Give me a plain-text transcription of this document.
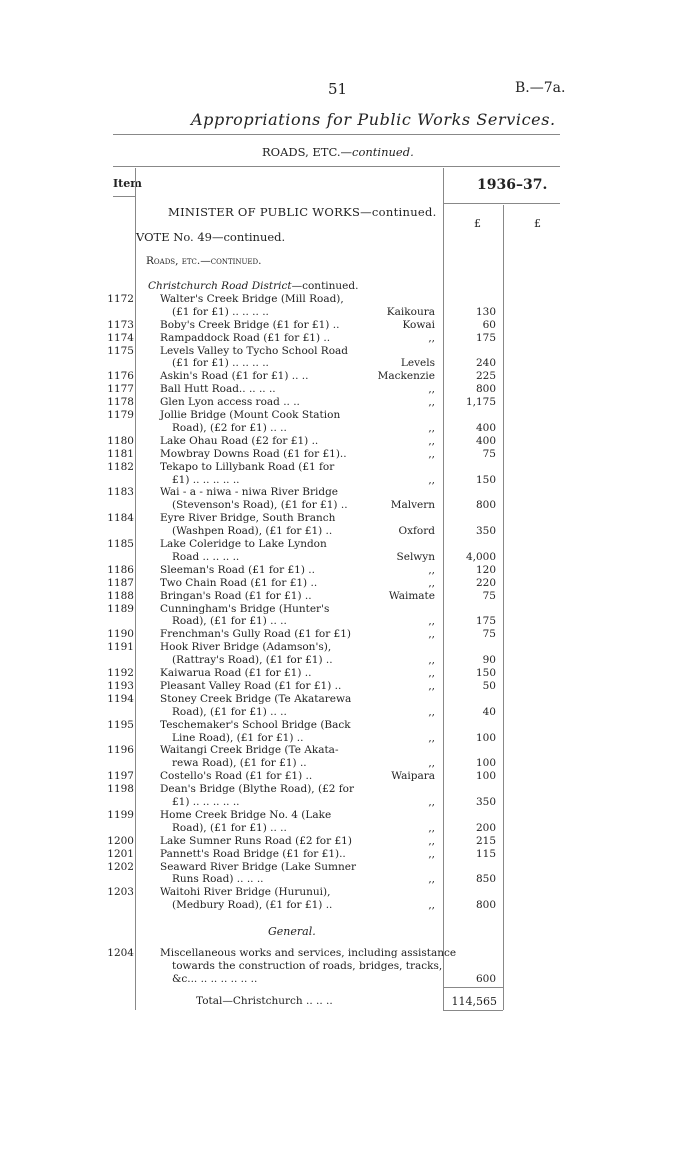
51	B.—7a.
Appropriations for Public Works Services.
ROADS, ETC.—continued.
Item	1936–37.
£	£
MINISTER OF PUBLIC WORKS—continued.
VOTE No. 49—continued.
Roads, etc.—continued.
Christchurch Road District—continued.
1172 Walter's Creek Bridge (Mill Road),
(£1 for £1) .. .. .. ..	Kaikoura	130
1173 Boby's Creek Bridge (£1 for £1) ..	Kowai	60
1174 Rampaddock Road (£1 for £1) ..	,,	175
1175 Levels Valley to Tycho School Road
(£1 for £1) .. .. .. ..	Levels	240
1176 Askin's Road (£1 for £1) .. ..	Mackenzie	225
1177 Ball Hutt Road.. .. .. ..	,,	800
1178 Glen Lyon access road .. ..	,,	1,175
1179 Jollie Bridge (Mount Cook Station
Road), (£2 for £1) .. ..	,,	400
1180 Lake Ohau Road (£2 for £1) ..	,,	400
1181 Mowbray Downs Road (£1 for £1)..	,,	75
1182 Tekapo to Lillybank Road (£1 for
£1) .. .. .. .. ..	,,	150
1183 Wai - a - niwa - niwa River Bridge
(Stevenson's Road), (£1 for £1) ..	Malvern	800
1184 Eyre River Bridge, South Branch
(Washpen Road), (£1 for £1) ..	Oxford	350
1185 Lake Coleridge to Lake Lyndon
Road .. .. .. ..	Selwyn	4,000
1186 Sleeman's Road (£1 for £1) ..	,,	120
1187 Two Chain Road (£1 for £1) ..	,,	220
1188 Bringan's Road (£1 for £1) ..	Waimate	75
1189 Cunningham's Bridge (Hunter's
Road), (£1 for £1) .. ..	,,	175
1190 Frenchman's Gully Road (£1 for £1)	,,	75
1191 Hook River Bridge (Adamson's),
(Rattray's Road), (£1 for £1) ..	,,	90
1192 Kaiwarua Road (£1 for £1) ..	,,	150
1193 Pleasant Valley Road (£1 for £1) ..	,,	50
1194 Stoney Creek Bridge (Te Akatarewa
Road), (£1 for £1) .. ..	,,	40
1195 Teschemaker's School Bridge (Back
Line Road), (£1 for £1) ..	,,	100
1196 Waitangi Creek Bridge (Te Akata-
rewa Road), (£1 for £1) ..	,,	100
1197 Costello's Road (£1 for £1) ..	Waipara	100
1198 Dean's Bridge (Blythe Road), (£2 for
£1) .. .. .. .. ..	,,	350
1199 Home Creek Bridge No. 4 (Lake
Road), (£1 for £1) .. ..	,,	200
1200 Lake Sumner Runs Road (£2 for £1)	,,	215
1201 Pannett's Road Bridge (£1 for £1)..	,,	115
1202 Seaward River Bridge (Lake Sumner
Runs Road) .. .. ..	,,	850
1203 Waitohi River Bridge (Hurunui),
(Medbury Road), (£1 for £1) ..	,,	800
General.
1204 Miscellaneous works and services, including assistance
towards the construction of roads, bridges, tracks,
&c... .. .. .. .. .. ..	600
Total—Christchurch .. .. ..	114,565
